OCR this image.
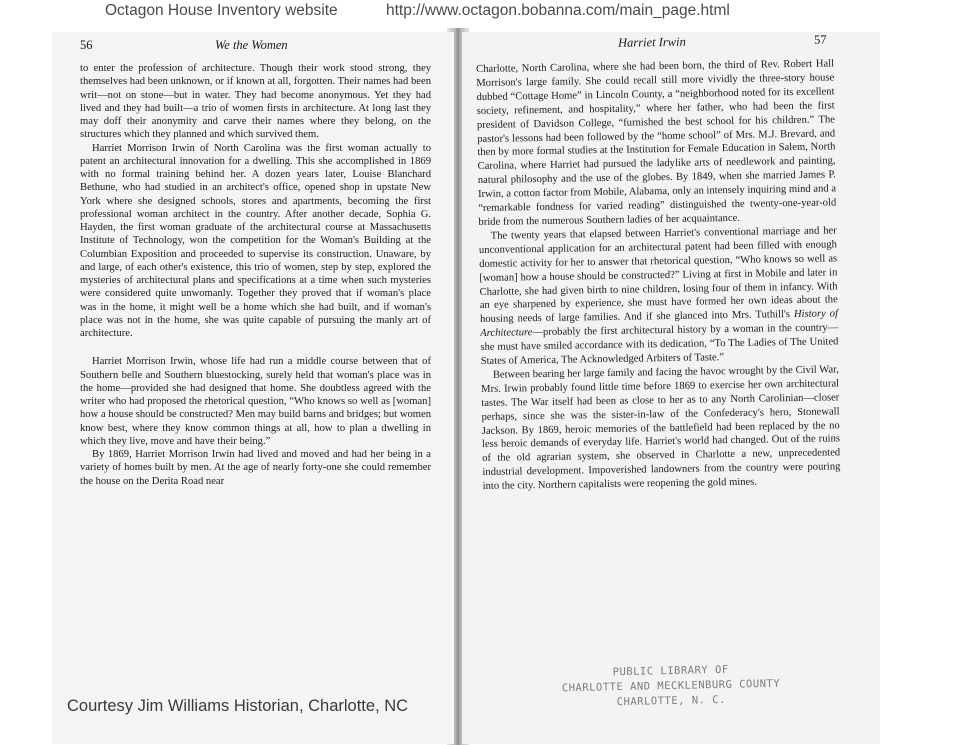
Octagon House Inventory website	http://www.octagon.bobanna.com/main_page.html
56	We the Women

to enter the profession of architecture. Though their work stood strong, they themselves had been unknown, or if known at all, forgotten. Their names had been writ—not on stone—but in water. They had become anonymous. Yet they had lived and they had built—a trio of women firsts in architecture. At long last they may doff their anonymity and carve their names where they belong, on the structures which they planned and which survived them.

Harriet Morrison Irwin of North Carolina was the first woman actually to patent an architectural innovation for a dwelling. This she accomplished in 1869 with no formal training behind her. A dozen years later, Louise Blanchard Bethune, who had studied in an architect's office, opened shop in upstate New York where she designed schools, stores and apartments, becoming the first professional woman architect in the country. After another decade, Sophia G. Hayden, the first woman graduate of the architectural course at Massachusetts Institute of Technology, won the competition for the Woman's Building at the Columbian Exposition and proceeded to supervise its construction. Unaware, by and large, of each other's existence, this trio of women, step by step, explored the mysteries of architectural plans and specifications at a time when such mysteries were considered quite unwomanly. Together they proved that if woman's place was in the home, it might well be a home which she had built, and if woman's place was not in the home, she was quite capable of pursuing the manly art of architecture.

Harriet Morrison Irwin, whose life had run a middle course between that of Southern belle and Southern bluestocking, surely held that woman's place was in the home—provided she had designed that home. She doubtless agreed with the writer who had proposed the rhetorical question, “Who knows so well as [woman] how a house should be constructed? Men may build barns and bridges; but women know best, where they know common things at all, how to plan a dwelling in which they live, move and have their being.”

By 1869, Harriet Morrison Irwin had lived and moved and had her being in a variety of homes built by men. At the age of nearly forty-one she could remember the house on the Derita Road near

Harriet Irwin	57

Charlotte, North Carolina, where she had been born, the third of Rev. Robert Hall Morrison's large family. She could recall still more vividly the three-story house dubbed “Cottage Home” in Lincoln County, a “neighborhood noted for its excellent society, refinement, and hospitality,” where her father, who had been the first president of Davidson College, “furnished the best school for his children.” The pastor's lessons had been followed by the “home school” of Mrs. M.J. Brevard, and then by more formal studies at the Institution for Female Education in Salem, North Carolina, where Harriet had pursued the ladylike arts of needlework and painting, natural philosophy and the use of the globes. By 1849, when she married James P. Irwin, a cotton factor from Mobile, Alabama, only an intensely inquiring mind and a “remarkable fondness for varied reading” distinguished the twenty-one-year-old bride from the numerous Southern ladies of her acquaintance.

The twenty years that elapsed between Harriet's conventional marriage and her unconventional application for an architectural patent had been filled with enough domestic activity for her to answer that rhetorical question, “Who knows so well as [woman] how a house should be constructed?” Living at first in Mobile and later in Charlotte, she had given birth to nine children, losing four of them in infancy. With an eye sharpened by experience, she must have formed her own ideas about the housing needs of large families. And if she glanced into Mrs. Tuthill's History of Architecture—probably the first architectural history by a woman in the country—she must have smiled accordance with its dedication, “To The Ladies of The United States of America, The Acknowledged Arbiters of Taste.”

Between bearing her large family and facing the havoc wrought by the Civil War, Mrs. Irwin probably found little time before 1869 to exercise her own architectural tastes. The War itself had been as close to her as to any North Carolinian—closer perhaps, since she was the sister-in-law of the Confederacy's hero, Stonewall Jackson. By 1869, heroic memories of the battlefield had been replaced by the no less heroic demands of everyday life. Harriet's world had changed. Out of the ruins of the old agrarian system, she observed in Charlotte a new, unprecedented industrial development. Impoverished landowners from the country were pouring into the city. Northern capitalists were reopening the gold mines.

PUBLIC LIBRARY OF
CHARLOTTE AND MECKLENBURG COUNTY
CHARLOTTE, N. C.
Courtesy Jim Williams Historian, Charlotte, NC
